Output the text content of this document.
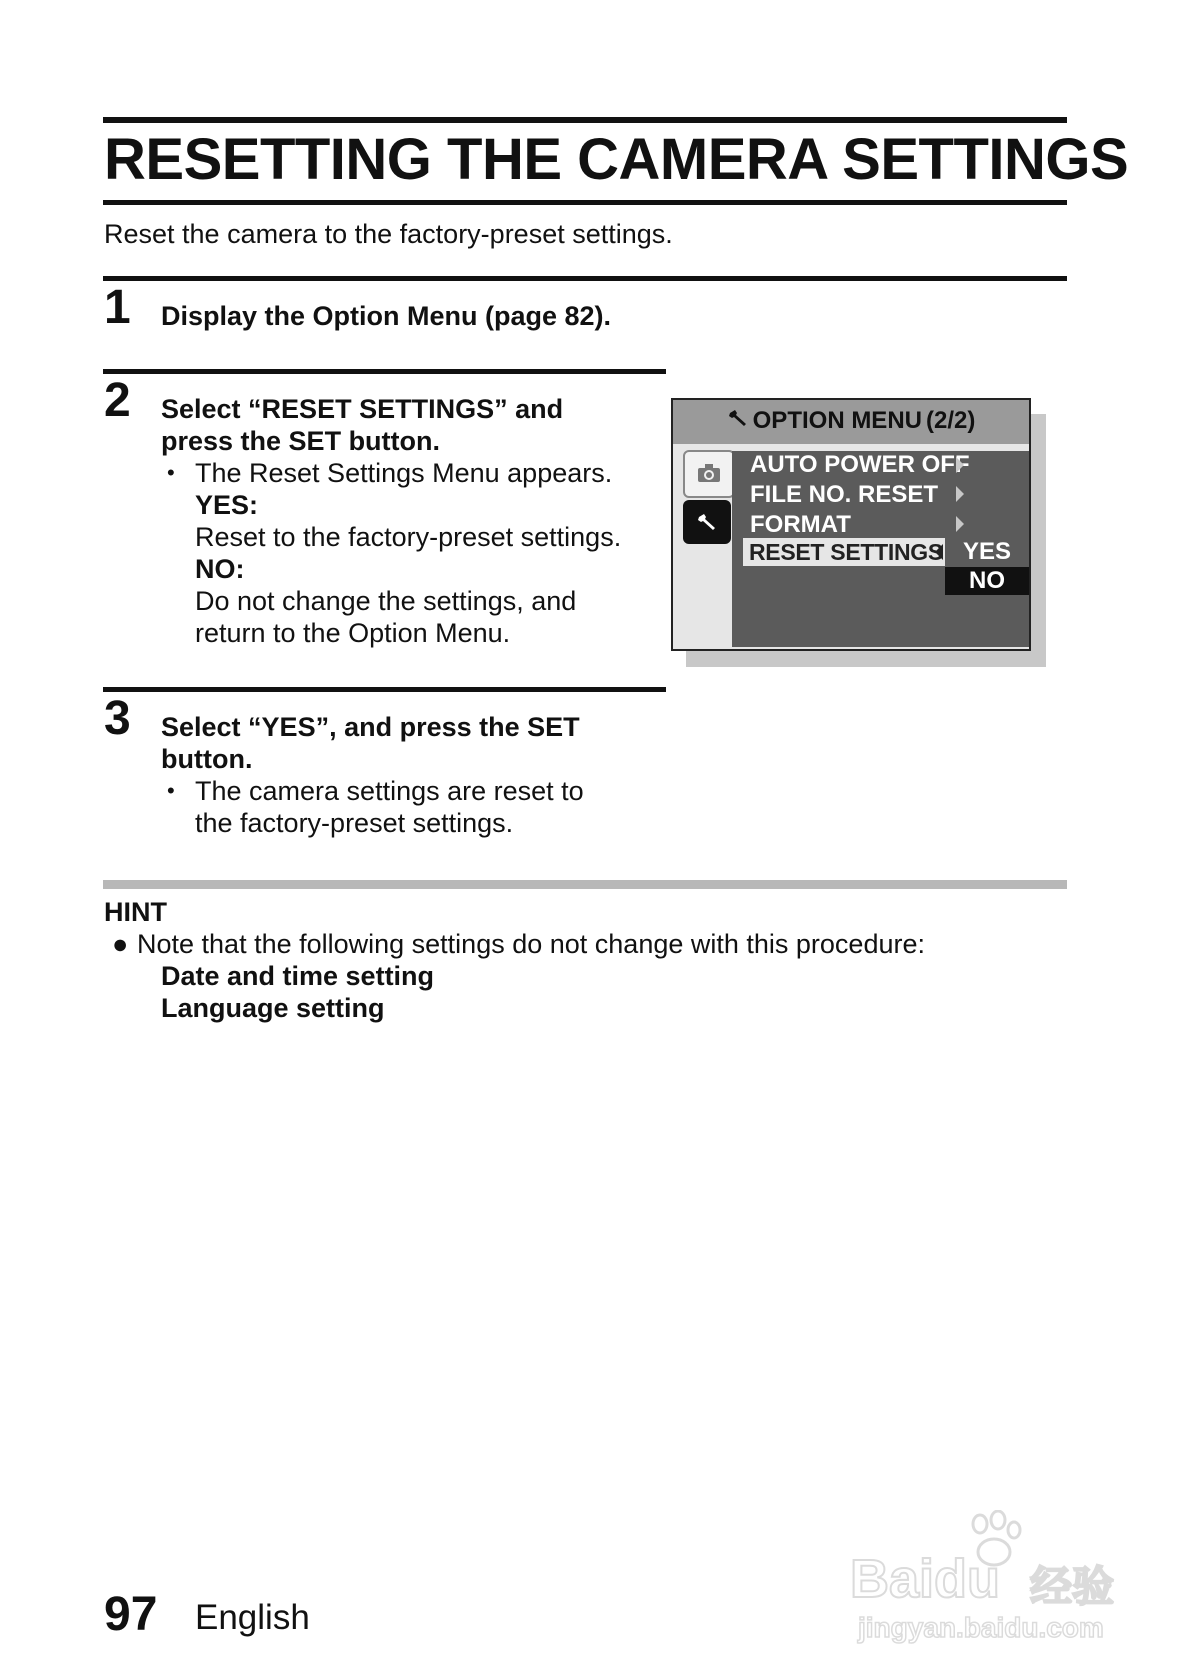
RESETTING THE CAMERA SETTINGS
Reset the camera to the factory-preset settings.
1 Display the Option Menu (page 82).
2 Select “RESET SETTINGS” and
press the SET button.
• The Reset Settings Menu appears.
YES:
Reset to the factory-preset settings.
NO:
Do not change the settings, and
return to the Option Menu.
OPTION MENU (2/2)
AUTO POWER OFF
FILE NO. RESET
FORMAT
RESET SETTINGS YES
NO
3 Select “YES”, and press the SET
button.
• The camera settings are reset to
the factory-preset settings.
HINT
● Note that the following settings do not change with this procedure:
Date and time setting
Language setting
97 English
Baidu 经验
jingyan.baidu.com
